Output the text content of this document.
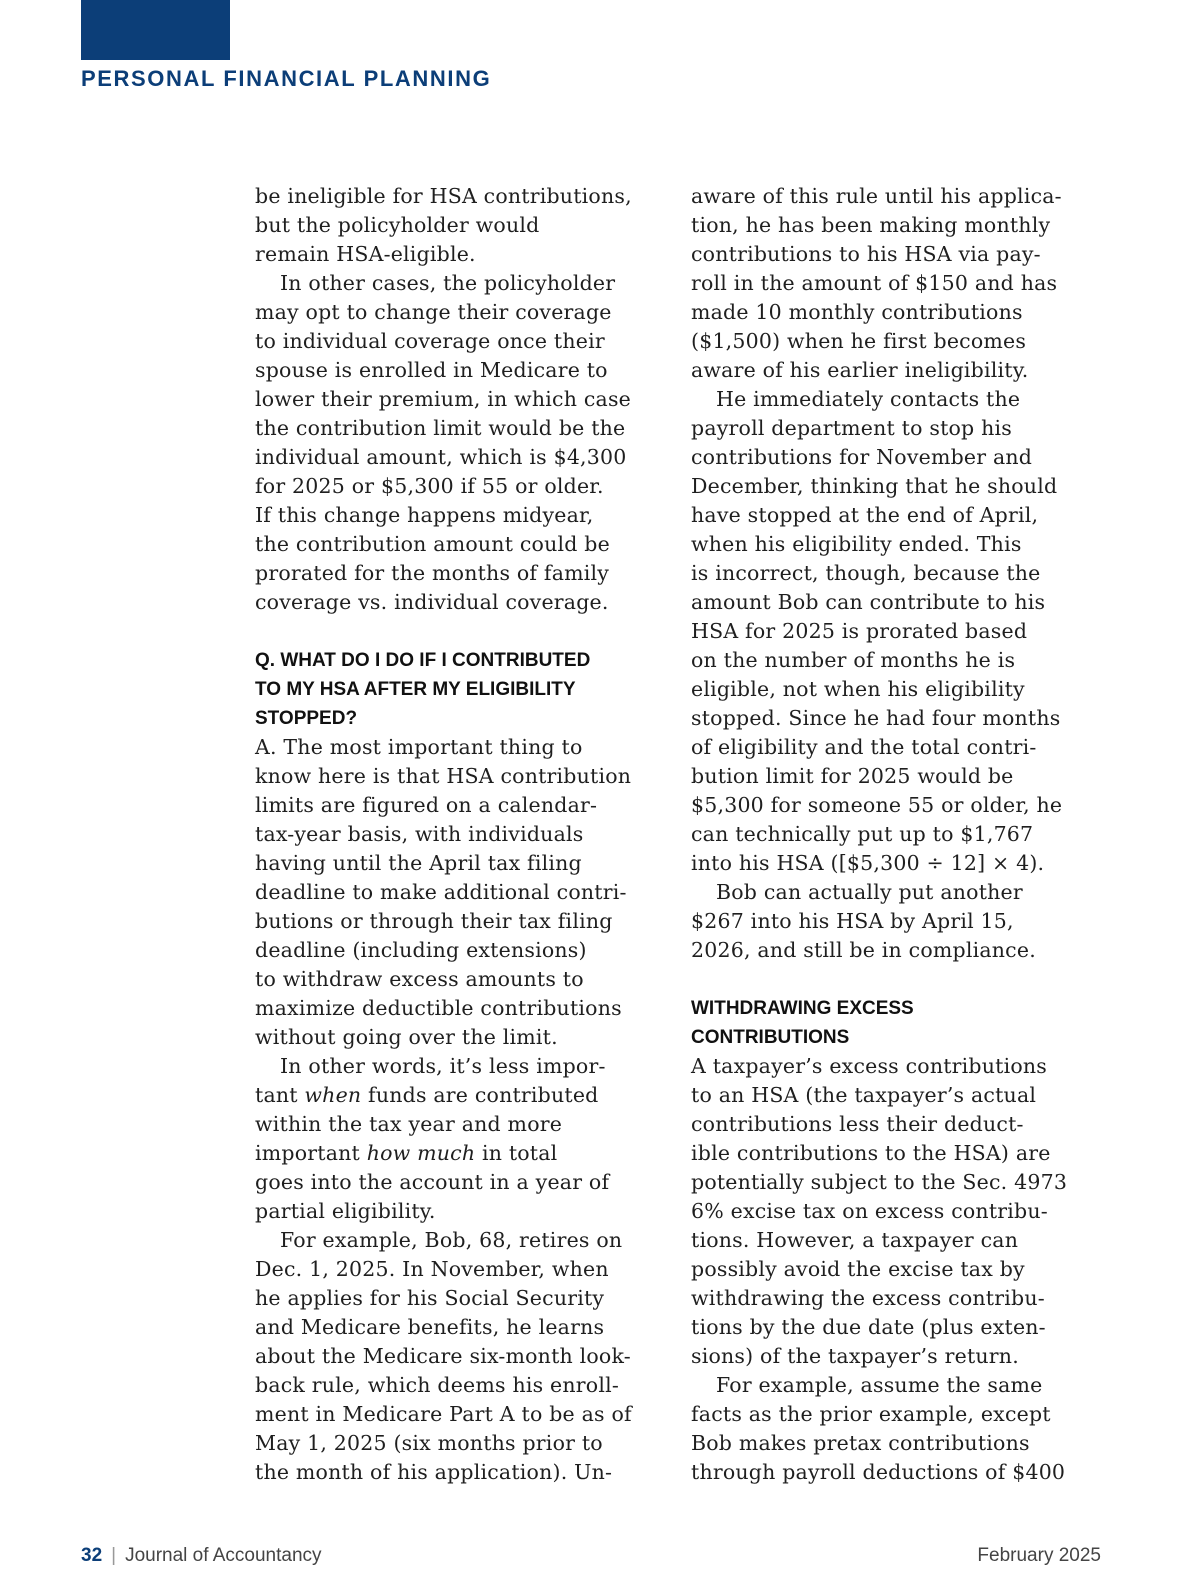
PERSONAL FINANCIAL PLANNING

be ineligible for HSA contributions,
but the policyholder would
remain HSA-eligible.

In other cases, the policyholder
may opt to change their coverage
to individual coverage once their
spouse is enrolled in Medicare to
lower their premium, in which case
the contribution limit would be the
individual amount, which is $4,300
for 2025 or $5,300 if 55 or older.
If this change happens midyear,
the contribution amount could be
prorated for the months of family
coverage vs. individual coverage.

Q. WHAT DO I DO IF I CONTRIBUTED
TO MY HSA AFTER MY ELIGIBILITY
STOPPED?

A. The most important thing to
know here is that HSA contribution
limits are figured on a calendar-
tax-year basis, with individuals
having until the April tax filing
deadline to make additional contri-
butions or through their tax filing
deadline (including extensions)
to withdraw excess amounts to
maximize deductible contributions
without going over the limit.

In other words, it’s less impor-
tant when funds are contributed
within the tax year and more
important how much in total
goes into the account in a year of
partial eligibility.

For example, Bob, 68, retires on
Dec. 1, 2025. In November, when
he applies for his Social Security
and Medicare benefits, he learns
about the Medicare six-month look-
back rule, which deems his enroll-
ment in Medicare Part A to be as of
May 1, 2025 (six months prior to
the month of his application). Un-

aware of this rule until his applica-
tion, he has been making monthly
contributions to his HSA via pay-
roll in the amount of $150 and has
made 10 monthly contributions
($1,500) when he first becomes
aware of his earlier ineligibility.

He immediately contacts the
payroll department to stop his
contributions for November and
December, thinking that he should
have stopped at the end of April,
when his eligibility ended. This
is incorrect, though, because the
amount Bob can contribute to his
HSA for 2025 is prorated based
on the number of months he is
eligible, not when his eligibility
stopped. Since he had four months
of eligibility and the total contri-
bution limit for 2025 would be
$5,300 for someone 55 or older, he
can technically put up to $1,767
into his HSA ([$5,300 ÷ 12] × 4).

Bob can actually put another
$267 into his HSA by April 15,
2026, and still be in compliance.

WITHDRAWING EXCESS
CONTRIBUTIONS

A taxpayer’s excess contributions
to an HSA (the taxpayer’s actual
contributions less their deduct-
ible contributions to the HSA) are
potentially subject to the Sec. 4973
6% excise tax on excess contribu-
tions. However, a taxpayer can
possibly avoid the excise tax by
withdrawing the excess contribu-
tions by the due date (plus exten-
sions) of the taxpayer’s return.

For example, assume the same
facts as the prior example, except
Bob makes pretax contributions
through payroll deductions of $400

32 | Journal of Accountancy	February 2025
